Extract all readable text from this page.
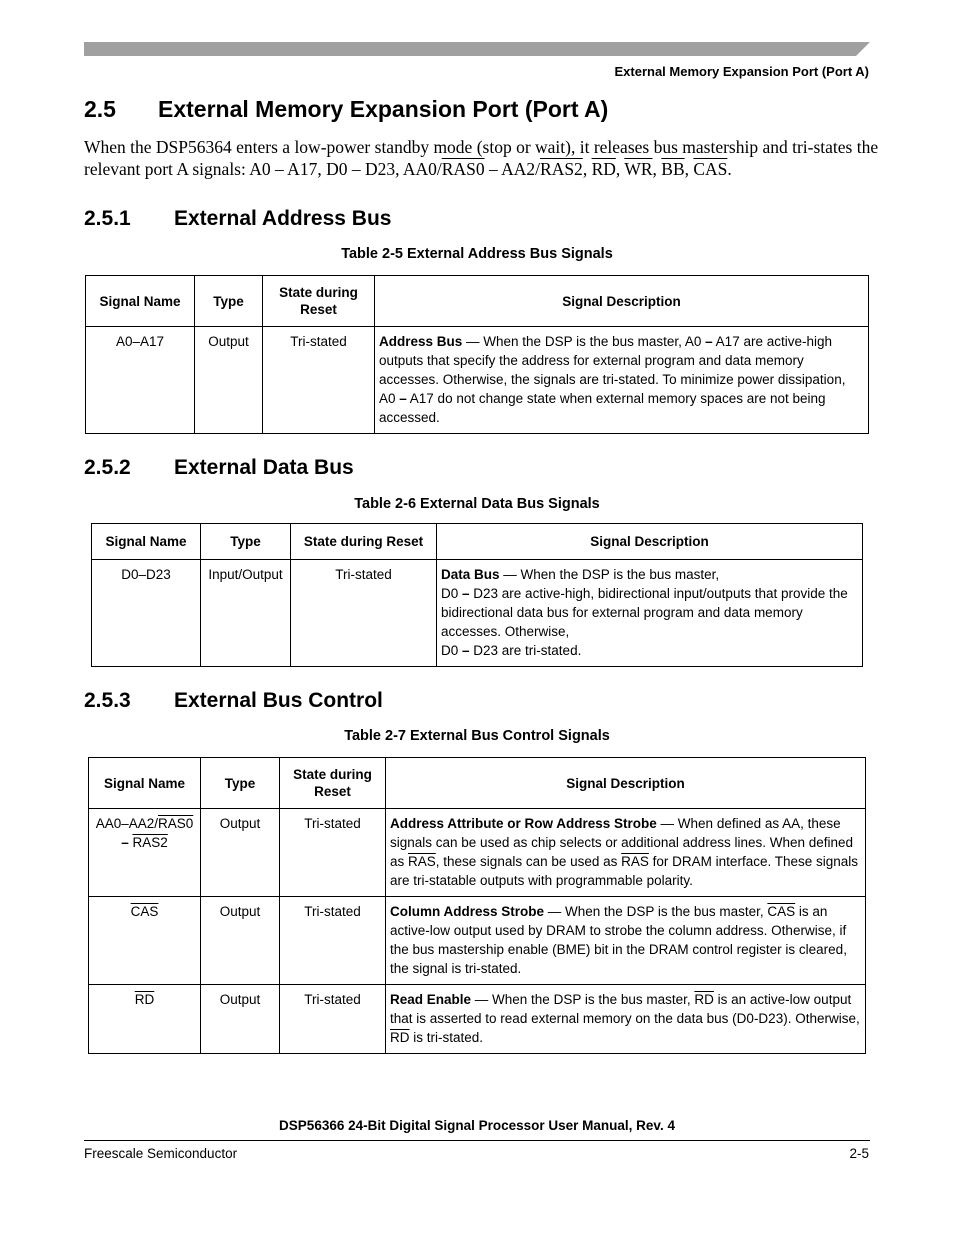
External Memory Expansion Port (Port A)
2.5 External Memory Expansion Port (Port A)

When the DSP56364 enters a low-power standby mode (stop or wait), it releases bus mastership and tri-states the relevant port A signals: A0 – A17, D0 – D23, AA0/RAS0 – AA2/RAS2, $\overline{RD}$, $\overline{WR}$, $\overline{BB}$, $\overline{CAS}$.

2.5.1 External Address Bus
Table 2-5 External Address Bus Signals
Signal Name	Type	State during Reset	Signal Description
A0–A17	Output	Tri-stated	Address Bus — When the DSP is the bus master, A0 – A17 are active-high outputs that specify the address for external program and data memory accesses. Otherwise, the signals are tri-stated. To minimize power dissipation, A0 – A17 do not change state when external memory spaces are not being accessed.
2.5.2 External Data Bus
Table 2-6 External Data Bus Signals
Signal Name	Type	State during Reset	Signal Description
D0–D23	Input/Output	Tri-stated	Data Bus — When the DSP is the bus master,
D0 – D23 are active-high, bidirectional input/outputs that provide the bidirectional data bus for external program and data memory accesses. Otherwise,
D0 – D23 are tri-stated.
2.5.3 External Bus Control
Table 2-7 External Bus Control Signals
Signal Name	Type	State during Reset	Signal Description
AA0–AA2/RAS0
– RAS2	Output	Tri-stated	Address Attribute or Row Address Strobe — When defined as AA, these signals can be used as chip selects or additional address lines. When defined as $\overline{RAS}$, these signals can be used as $\overline{RAS}$ for DRAM interface. These signals are tri-statable outputs with programmable polarity.
$\overline{CAS}$	Output	Tri-stated	Column Address Strobe — When the DSP is the bus master, $\overline{CAS}$ is an active-low output used by DRAM to strobe the column address. Otherwise, if the bus mastership enable (BME) bit in the DRAM control register is cleared, the signal is tri-stated.
$\overline{RD}$	Output	Tri-stated	Read Enable — When the DSP is the bus master, $\overline{RD}$ is an active-low output that is asserted to read external memory on the data bus (D0-D23). Otherwise, $\overline{RD}$ is tri-stated.
DSP56366 24-Bit Digital Signal Processor User Manual, Rev. 4
Freescale Semiconductor	2-5
